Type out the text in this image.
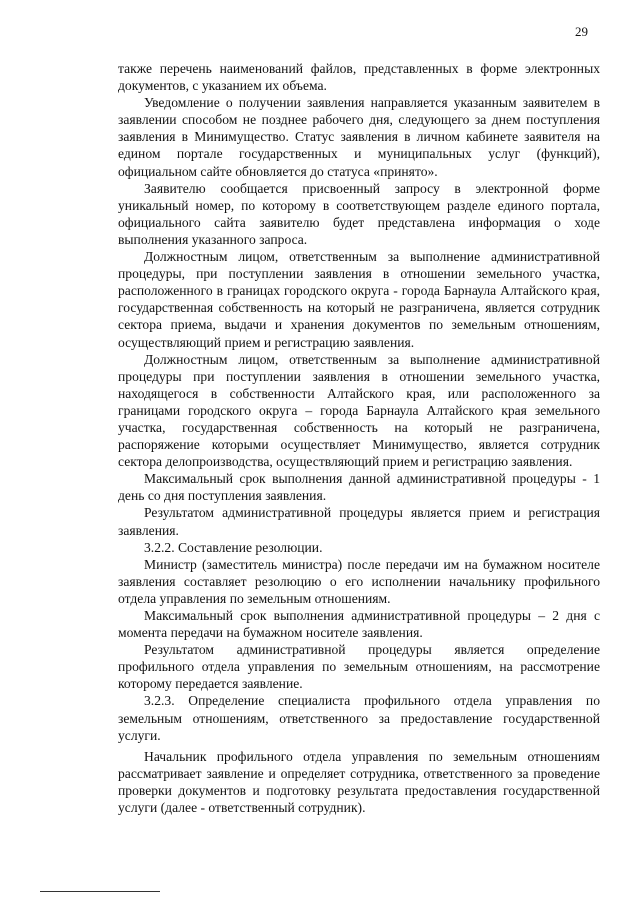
29

также перечень наименований файлов, представленных в форме электронных документов, с указанием их объема.

Уведомление о получении заявления направляется указанным заявителем в заявлении способом не позднее рабочего дня, следующего за днем поступления заявления в Минимущество. Статус заявления в личном кабинете заявителя на едином портале государственных и муниципальных услуг (функций), официальном сайте обновляется до статуса «принято».

Заявителю сообщается присвоенный запросу в электронной форме уникальный номер, по которому в соответствующем разделе единого портала, официального сайта заявителю будет представлена информация о ходе выполнения указанного запроса.

Должностным лицом, ответственным за выполнение административной процедуры, при поступлении заявления в отношении земельного участка, расположенного в границах городского округа - города Барнаула Алтайского края, государственная собственность на который не разграничена, является сотрудник сектора приема, выдачи и хранения документов по земельным отношениям, осуществляющий прием и регистрацию заявления.

Должностным лицом, ответственным за выполнение административной процедуры при поступлении заявления в отношении земельного участка, находящегося в собственности Алтайского края, или расположенного за границами городского округа – города Барнаула Алтайского края земельного участка, государственная собственность на который не разграничена, распоряжение которыми осуществляет Минимущество, является сотрудник сектора делопроизводства, осуществляющий прием и регистрацию заявления.

Максимальный срок выполнения данной административной процедуры - 1 день со дня поступления заявления.

Результатом административной процедуры является прием и регистрация заявления.

3.2.2. Составление резолюции.

Министр (заместитель министра) после передачи им на бумажном носителе заявления составляет резолюцию о его исполнении начальнику профильного отдела управления по земельным отношениям.

Максимальный срок выполнения административной процедуры – 2 дня с момента передачи на бумажном носителе заявления.

Результатом административной процедуры является определение профильного отдела управления по земельным отношениям, на рассмотрение которому передается заявление.

3.2.3. Определение специалиста профильного отдела управления по земельным отношениям, ответственного за предоставление государственной услуги.

Начальник профильного отдела управления по земельным отношениям рассматривает заявление и определяет сотрудника, ответственного за проведение проверки документов и подготовку результата предоставления государственной услуги (далее - ответственный сотрудник).
